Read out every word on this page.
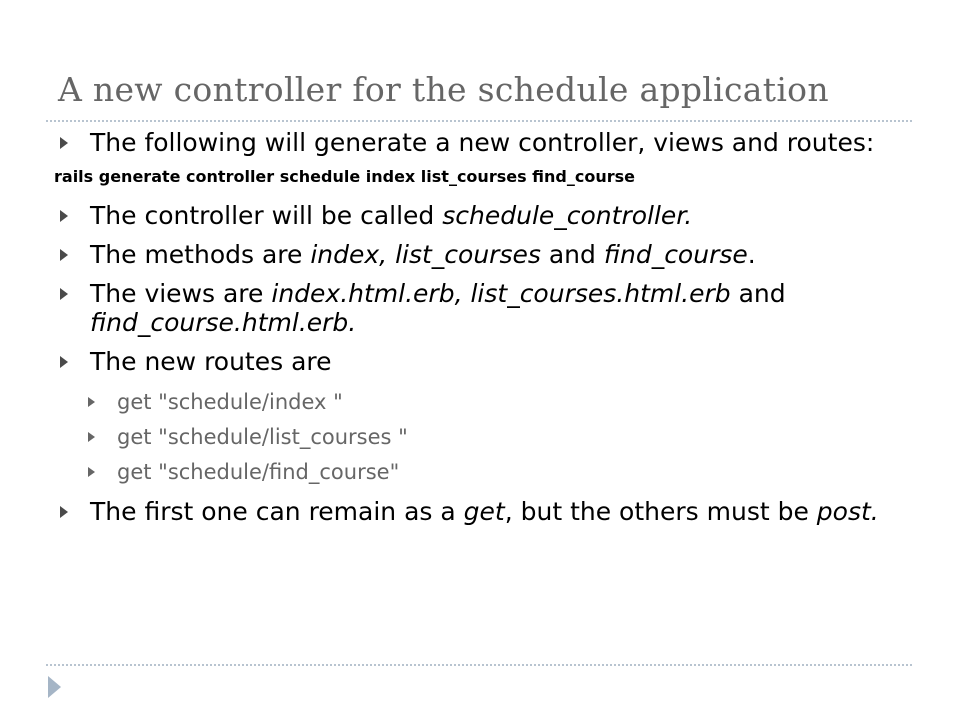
A new controller for the schedule application
The following will generate a new controller, views and routes:
rails generate controller schedule index list_courses find_course
The controller will be called schedule_controller.
The methods are index, list_courses and find_course.
The views are index.html.erb, list_courses.html.erb and find_course.html.erb.
The new routes are
get "schedule/index "
get "schedule/list_courses "
get "schedule/find_course"
The first one can remain as a get, but the others must be post.
